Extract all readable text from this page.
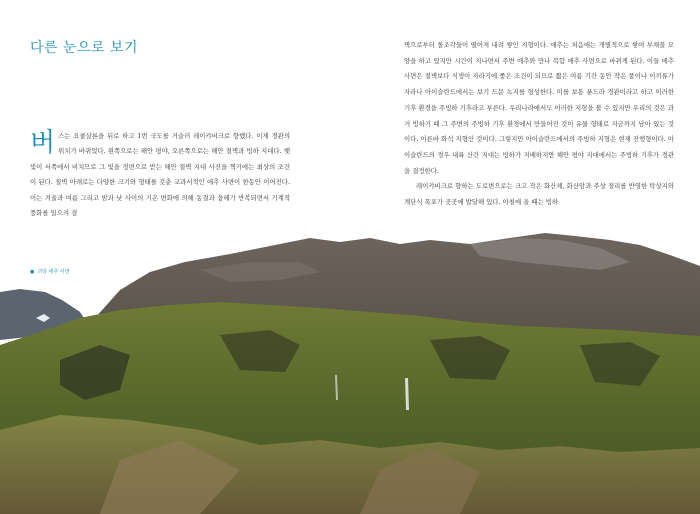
다른 눈으로 보기
버 스는 요쿨살론을 뒤로 하고 1번 국도를 거슬러 레이캬비크로 향했다. 이제 경관의 위치가 바뀌었다. 왼쪽으로는 해안 평야, 오른쪽으로는 해안 절벽과 빙하 지대다. 햇빛이 서쪽에서 비치므로 그 빛을 정면으로 받는 해안 절벽 지대 사진을 찍기에는 최상의 조건이 된다. 절벽 아래로는 다양한 크기와 형태를 갖춘 교과서적인 애추 사면이 한동안 이어진다. 이는 겨울과 여름 그리고 밤과 낮 사이의 기온 변화에 의해 동결과 융해가 반복되면서 기계적 풍화를 일으켜 결
벽으로부터 돌조각들이 떨어져 내려 쌓인 지형이다. 애추는 처음에는 개별적으로 쌓여 부채꼴 모양을 하고 있지만 시간이 지나면서 주변 애추와 만나 복합 애추 사면으로 바뀌게 된다. 이들 애추 사면은 절벽보다 식생이 자라기에 좋은 조건이 되므로 짧은 여름 기간 동안 작은 풀이나 이끼류가 자라나 아이슬란드에서는 보기 드문 녹지를 형성한다. 이를 보통 푼드라 경관이라고 하고 이러한 기후 환경을 주빙하 기후라고 부른다. 우리나라에서도 이러한 지형을 볼 수 있지만 우리의 것은 과거 빙하기 때 그 주변의 주빙하 기후 환경에서 만들어진 것이 유물 형태로 지금까지 남아 있는 것이다. 이른바 화석 지형인 것이다. 그렇지만 아이슬란드에서의 주빙하 지형은 현재 진행형이다. 아이슬란드의 경우 내륙 산간 지대는 빙하가 지배하지만 해안 평야 지대에서는 주빙하 기후가 경관을 결정한다.
레이캬비크로 향하는 도로변으로는 크고 작은 화산체, 화산암과 주상 절리를 반영한 탁상지와 계단식 폭포가 곳곳에 발달해 있다. 아침에 올 때는 빙하
● 괴암 애추 사면
